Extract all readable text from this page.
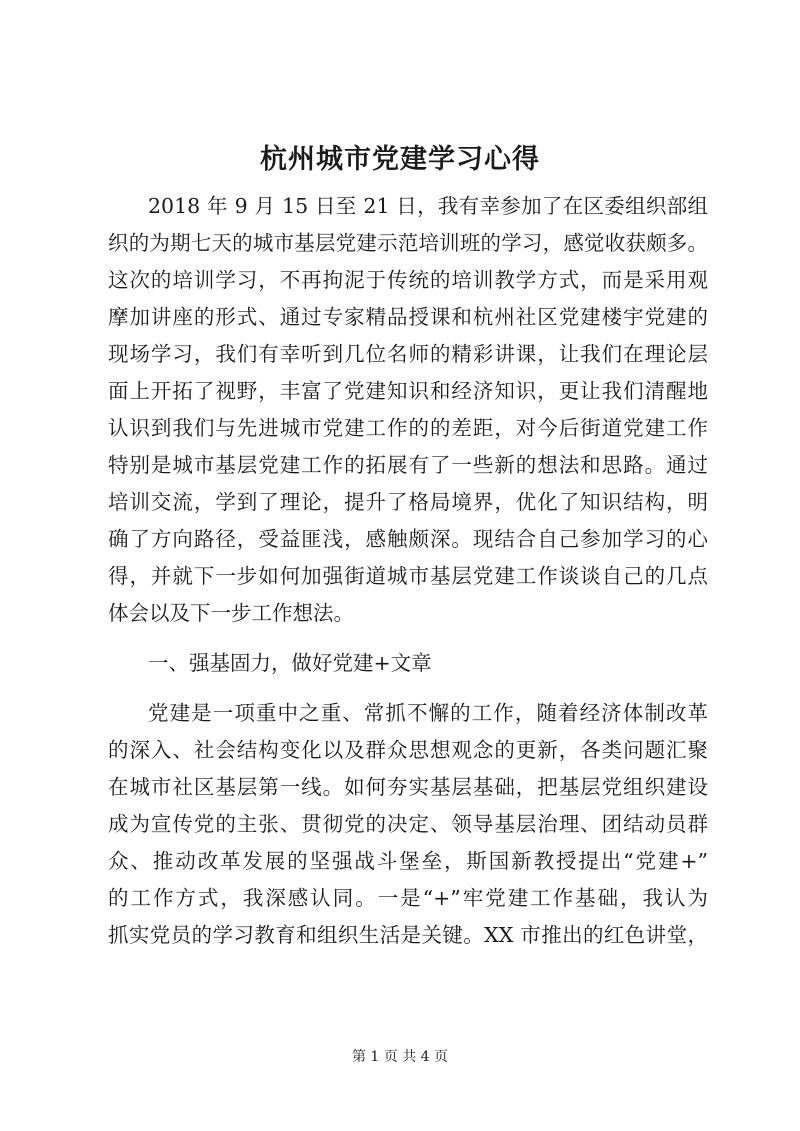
杭州城市党建学习心得
2018 年 9 月 15 日至 21 日，我有幸参加了在区委组织部组
织的为期七天的城市基层党建示范培训班的学习，感觉收获颇多。
这次的培训学习，不再拘泥于传统的培训教学方式，而是采用观
摩加讲座的形式、通过专家精品授课和杭州社区党建楼宇党建的
现场学习，我们有幸听到几位名师的精彩讲课，让我们在理论层
面上开拓了视野，丰富了党建知识和经济知识，更让我们清醒地
认识到我们与先进城市党建工作的的差距，对今后街道党建工作
特别是城市基层党建工作的拓展有了一些新的想法和思路。通过
培训交流，学到了理论，提升了格局境界，优化了知识结构，明
确了方向路径，受益匪浅，感触颇深。现结合自己参加学习的心
得，并就下一步如何加强街道城市基层党建工作谈谈自己的几点
体会以及下一步工作想法。
一、强基固力，做好党建+文章
党建是一项重中之重、常抓不懈的工作，随着经济体制改革
的深入、社会结构变化以及群众思想观念的更新，各类问题汇聚
在城市社区基层第一线。如何夯实基层基础，把基层党组织建设
成为宣传党的主张、贯彻党的决定、领导基层治理、团结动员群
众、推动改革发展的坚强战斗堡垒，斯国新教授提出“党建+”
的工作方式，我深感认同。一是“+”牢党建工作基础，我认为
抓实党员的学习教育和组织生活是关键。XX 市推出的红色讲堂，
第 1 页 共 4 页
